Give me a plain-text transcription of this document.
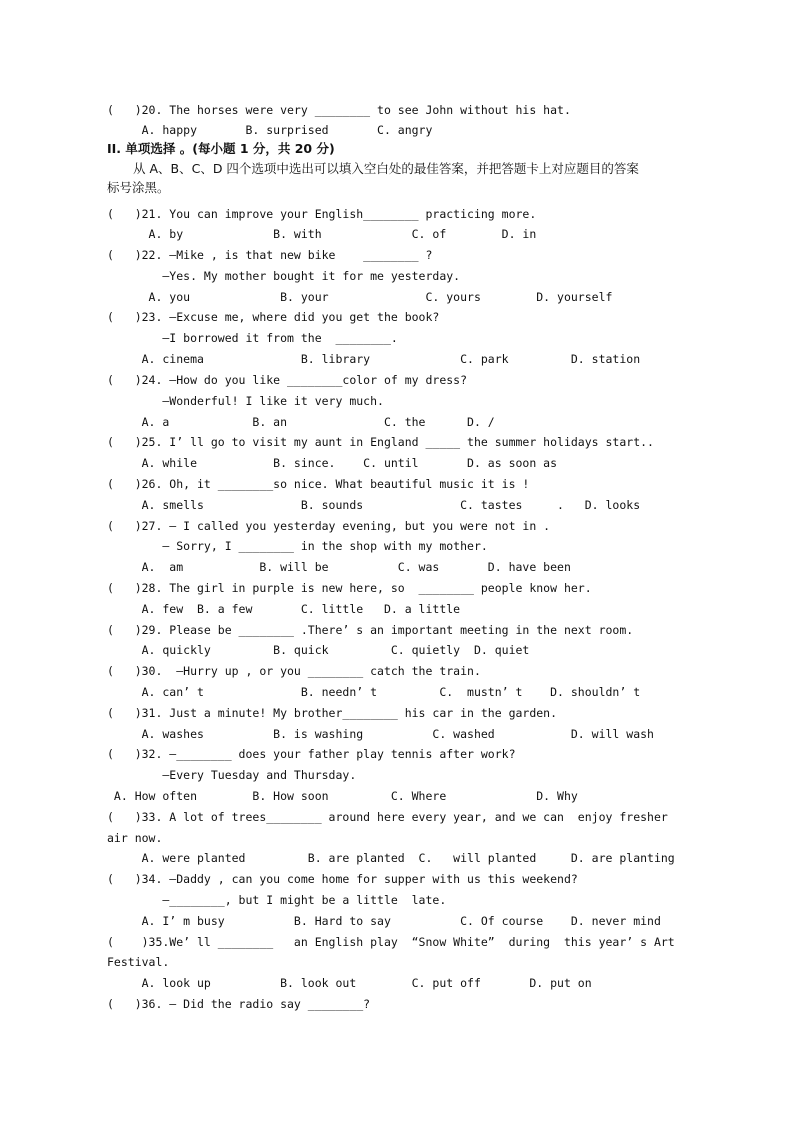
(   )20. The horses were very ________ to see John without his hat.
A. happy       B. surprised       C. angry
II. 单项选择 。(每小题 1 分，共 20 分)
从 A、B、C、D 四个选项中选出可以填入空白处的最佳答案，并把答题卡上对应题目的答案
标号涂黑。
(   )21. You can improve your English________ practicing more.
A. by             B. with             C. of        D. in
(   )22. —Mike , is that new bike    ________ ?
—Yes. My mother bought it for me yesterday.
A. you             B. your              C. yours        D. yourself
(   )23. —Excuse me, where did you get the book?
—I borrowed it from the  ________.
A. cinema              B. library             C. park         D. station
(   )24. —How do you like ________color of my dress?
—Wonderful! I like it very much.
A. a            B. an              C. the      D. /
(   )25. I’ ll go to visit my aunt in England _____ the summer holidays start..
A. while           B. since.    C. until       D. as soon as
(   )26. Oh, it ________so nice. What beautiful music it is !
A. smells              B. sounds              C. tastes     .   D. looks
(   )27. — I called you yesterday evening, but you were not in .
— Sorry, I ________ in the shop with my mother.
A.  am           B. will be          C. was       D. have been
(   )28. The girl in purple is new here, so  ________ people know her.
A. few  B. a few       C. little   D. a little
(   )29. Please be ________ .There’ s an important meeting in the next room.
A. quickly         B. quick         C. quietly  D. quiet
(   )30.  —Hurry up , or you ________ catch the train.
A. can’ t              B. needn’ t         C.  mustn’ t    D. shouldn’ t
(   )31. Just a minute! My brother________ his car in the garden.
A. washes          B. is washing          C. washed           D. will wash
(   )32. —________ does your father play tennis after work?
—Every Tuesday and Thursday.
A. How often        B. How soon         C. Where             D. Why
(   )33. A lot of trees________ around here every year, and we can  enjoy fresher
air now.
A. were planted         B. are planted  C.   will planted     D. are planting
(   )34. —Daddy , can you come home for supper with us this weekend?
—________, but I might be a little  late.
A. I’ m busy          B. Hard to say          C. Of course    D. never mind
(    )35.We’ ll ________   an English play  “Snow White”  during  this year’ s Art
Festival.
A. look up          B. look out        C. put off       D. put on
(   )36. — Did the radio say ________?
